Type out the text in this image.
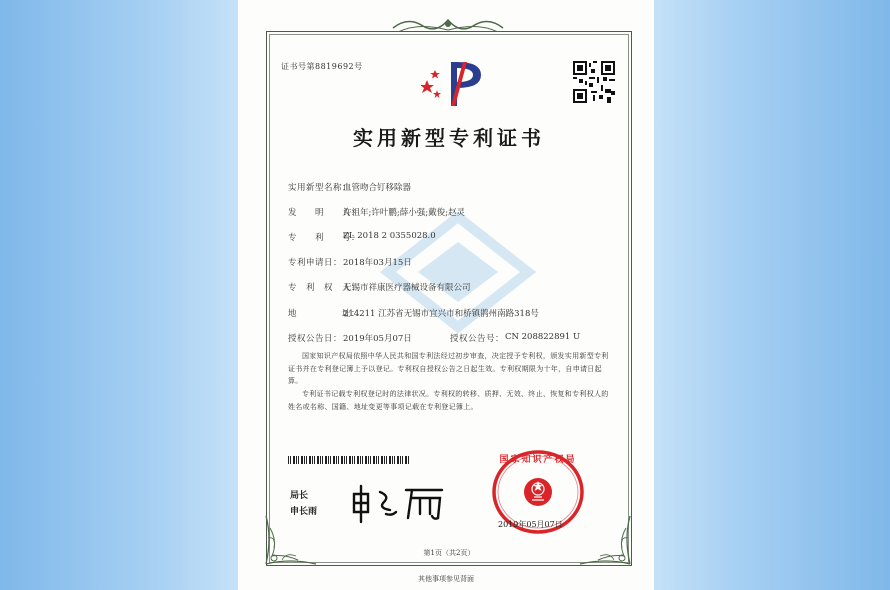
证书号第8819692号
实用新型专利证书
实用新型名称：
血管吻合钉移除器
发　　明　　人：
许祖年;许叶鹏;薛小强;戴俊;赵灵
专　　利　　号：
ZL 2018 2 0355028.0
专利申请日： 2018年03月15日
专　利　权　人：
无锡市祥康医疗器械设备有限公司
地　　　　　址：
214211 江苏省无锡市宜兴市和桥镇鹊州南路318号
授权公告日： 2019年05月07日	授权公告号： CN 208822891 U
国家知识产权局依照中华人民共和国专利法经过初步审查，决定授予专利权，颁发实用新型专利证书并在专利登记簿上予以登记。专利权自授权公告之日起生效。专利权期限为十年，自申请日起算。
专利证书记载专利权登记时的法律状况。专利权的转移、质押、无效、终止、恢复和专利权人的姓名或名称、国籍、地址变更等事项记载在专利登记簿上。
局长
申长雨
国家知识产权局
2019年05月07日
第1页（共2页）
其他事项参见背面
